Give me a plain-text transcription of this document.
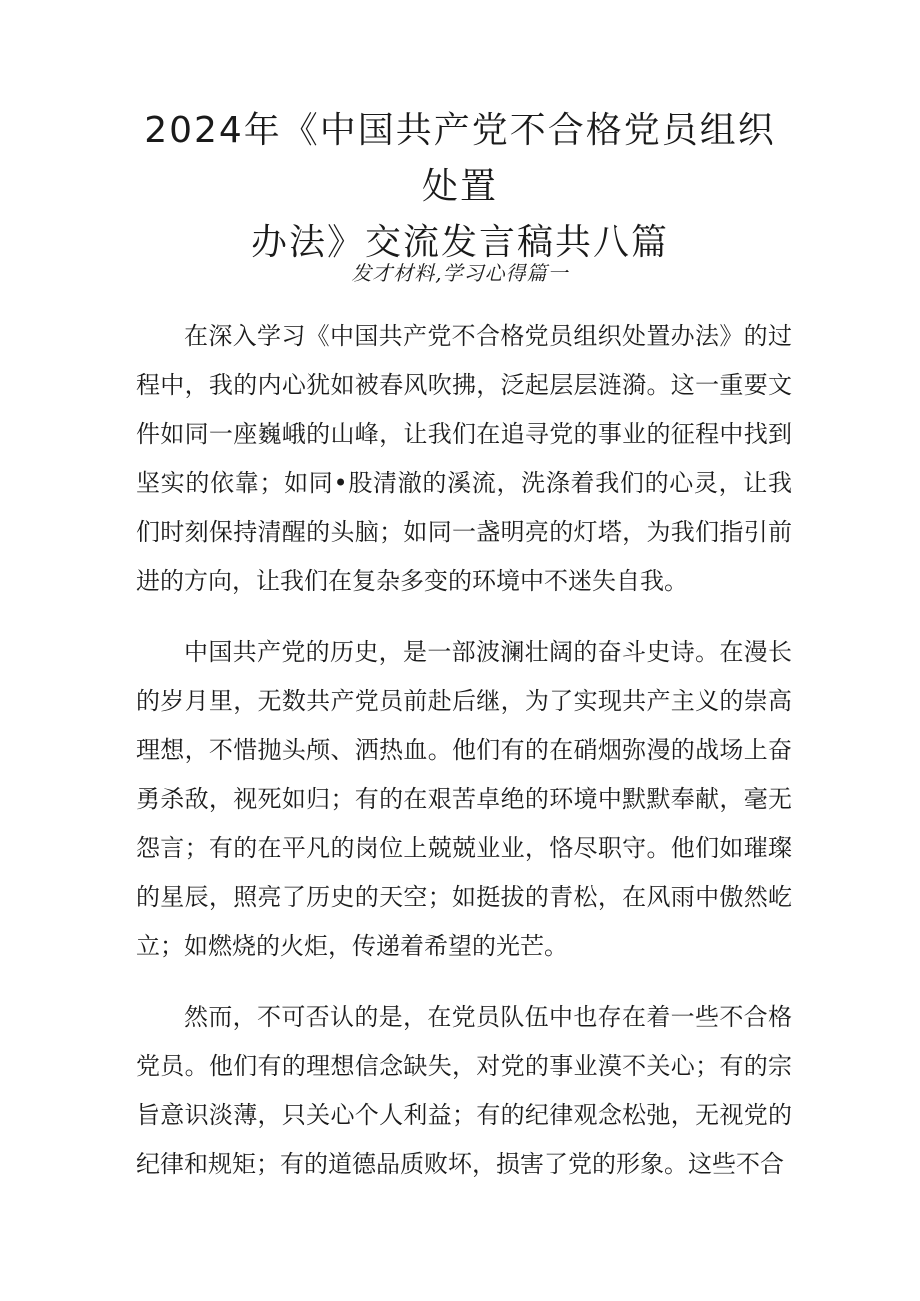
2024年《中国共产党不合格党员组织处置
办法》交流发言稿共八篇

发才材料,学习心得篇一

在深入学习《中国共产党不合格党员组织处置办法》的过程中，我的内心犹如被春风吹拂，泛起层层涟漪。这一重要文件如同一座巍峨的山峰，让我们在追寻党的事业的征程中找到坚实的依靠；如同•股清澈的溪流，洗涤着我们的心灵，让我们时刻保持清醒的头脑；如同一盏明亮的灯塔，为我们指引前进的方向，让我们在复杂多变的环境中不迷失自我。

中国共产党的历史，是一部波澜壮阔的奋斗史诗。在漫长的岁月里，无数共产党员前赴后继，为了实现共产主义的崇高理想，不惜抛头颅、洒热血。他们有的在硝烟弥漫的战场上奋勇杀敌，视死如归；有的在艰苦卓绝的环境中默默奉献，毫无怨言；有的在平凡的岗位上兢兢业业，恪尽职守。他们如璀璨的星辰，照亮了历史的天空；如挺拔的青松，在风雨中傲然屹立；如燃烧的火炬，传递着希望的光芒。

然而，不可否认的是，在党员队伍中也存在着一些不合格党员。他们有的理想信念缺失，对党的事业漠不关心；有的宗旨意识淡薄，只关心个人利益；有的纪律观念松弛，无视党的纪律和规矩；有的道德品质败坏，损害了党的形象。这些不合
